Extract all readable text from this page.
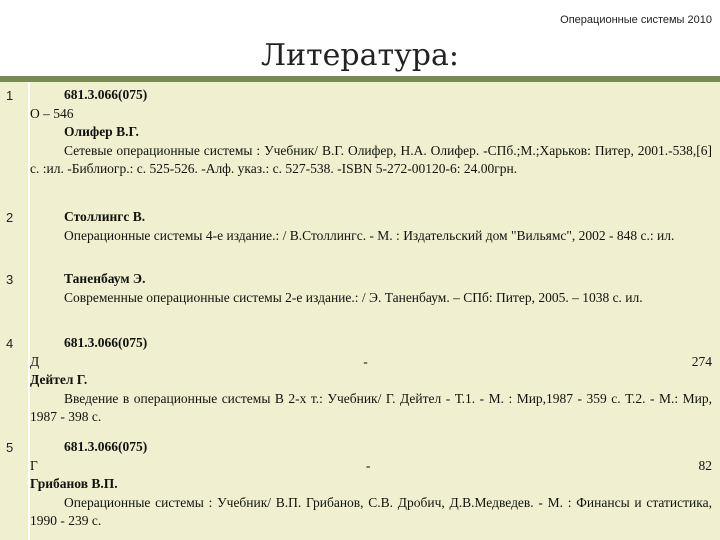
Операционные системы 2010
Литература:
1	681.3.066(075)
О – 546
Олифер В.Г.
Сетевые операционные системы : Учебник/ В.Г. Олифер, Н.А. Олифер. -СПб.;М.;Харьков: Питер, 2001.-538,[6] с. :ил. -Библиогр.: с. 525-526. -Алф. указ.: с. 527-538. -ISBN 5-272-00120-6: 24.00грн.
2	Столлингс В.
Операционные системы 4-е издание.: / В.Столлингс. - М. : Издательский дом "Вильямс", 2002 - 848 с.: ил.
3	Таненбаум Э.
Современные операционные системы 2-е издание.: / Э. Таненбаум. – СПб: Питер, 2005. – 1038 с. ил.
4	681.3.066(075)
Д	-	274
Дейтел Г.
Введение в операционные системы В 2-х т.: Учебник/ Г. Дейтел - Т.1. - М. : Мир,1987 - 359 с. Т.2. - М.: Мир, 1987 - 398 с.
5	681.3.066(075)
Г	-	82
Грибанов В.П.
Операционные системы : Учебник/ В.П. Грибанов, С.В. Дробич, Д.В.Медведев. - М. : Финансы и статистика, 1990 - 239 с.
